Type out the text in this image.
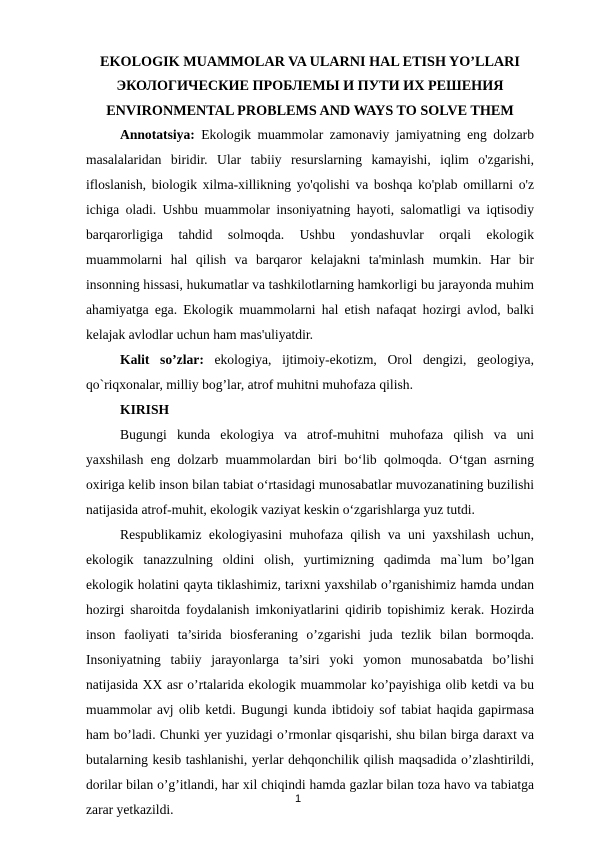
EKOLOGIK MUAMMOLAR VA ULARNI HAL ETISH YO’LLARI
ЭКОЛОГИЧЕСКИЕ ПРОБЛЕМЫ И ПУТИ ИХ РЕШЕНИЯ
ENVIRONMENTAL PROBLEMS AND WAYS TO SOLVE THEM

Annotatsiya: Ekologik muammolar zamonaviy jamiyatning eng dolzarb masalalaridan biridir. Ular tabiiy resurslarning kamayishi, iqlim o'zgarishi, ifloslanish, biologik xilma-xillikning yo'qolishi va boshqa ko'plab omillarni o'z ichiga oladi. Ushbu muammolar insoniyatning hayoti, salomatligi va iqtisodiy barqarorligiga tahdid solmoqda. Ushbu yondashuvlar orqali ekologik muammolarni hal qilish va barqaror kelajakni ta'minlash mumkin. Har bir insonning hissasi, hukumatlar va tashkilotlarning hamkorligi bu jarayonda muhim ahamiyatga ega. Ekologik muammolarni hal etish nafaqat hozirgi avlod, balki kelajak avlodlar uchun ham mas'uliyatdir.

Kalit so’zlar: ekologiya, ijtimoiy-ekotizm, Orol dengizi, geologiya, qo`riqxonalar, milliy bog’lar, atrof muhitni muhofaza qilish.

KIRISH

Bugungi kunda ekologiya va atrof-muhitni muhofaza qilish va uni yaxshilash eng dolzarb muammolardan biri bo‘lib qolmoqda. O‘tgan asrning oxiriga kelib inson bilan tabiat o‘rtasidagi munosabatlar muvozanatining buzilishi natijasida atrof-muhit, ekologik vaziyat keskin o‘zgarishlarga yuz tutdi.

Respublikamiz ekologiyasini muhofaza qilish va uni yaxshilash uchun, ekologik tanazzulning oldini olish, yurtimizning qadimda ma`lum bo’lgan ekologik holatini qayta tiklashimiz, tarixni yaxshilab o’rganishimiz hamda undan hozirgi sharoitda foydalanish imkoniyatlarini qidirib topishimiz kerak. Hozirda inson faoliyati ta’sirida biosferaning o’zgarishi juda tezlik bilan bormoqda. Insoniyatning tabiiy jarayonlarga ta’siri yoki yomon munosabatda bo’lishi natijasida XX asr o’rtalarida ekologik muammolar ko’payishiga olib ketdi va bu muammolar avj olib ketdi. Bugungi kunda ibtidoiy sof tabiat haqida gapirmasa ham bo’ladi. Chunki yer yuzidagi o’rmonlar qisqarishi, shu bilan birga daraxt va butalarning kesib tashlanishi, yerlar dehqonchilik qilish maqsadida o’zlashtirildi, dorilar bilan o’g’itlandi, har xil chiqindi hamda gazlar bilan toza havo va tabiatga zarar yetkazildi.

1
